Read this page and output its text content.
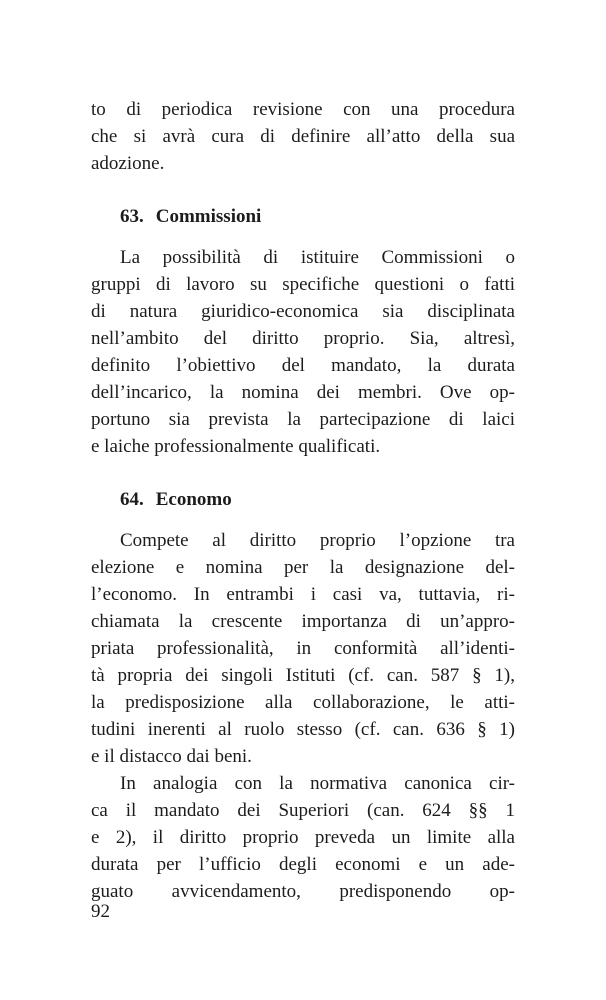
to di periodica revisione con una procedura
che si avrà cura di definire all’atto della sua
adozione.
63. Commissioni
La possibilità di istituire Commissioni o
gruppi di lavoro su specifiche questioni o fatti
di natura giuridico-economica sia disciplinata
nell’ambito del diritto proprio. Sia, altresì,
definito l’obiettivo del mandato, la durata
dell’incarico, la nomina dei membri. Ove op-
portuno sia prevista la partecipazione di laici
e laiche professionalmente qualificati.
64. Economo
Compete al diritto proprio l’opzione tra
elezione e nomina per la designazione del-
l’economo. In entrambi i casi va, tuttavia, ri-
chiamata la crescente importanza di un’appro-
priata professionalità, in conformità all’identi-
tà propria dei singoli Istituti (cf. can. 587 § 1),
la predisposizione alla collaborazione, le atti-
tudini inerenti al ruolo stesso (cf. can. 636 § 1)
e il distacco dai beni.
In analogia con la normativa canonica cir-
ca il mandato dei Superiori (can. 624 §§ 1
e 2), il diritto proprio preveda un limite alla
durata per l’ufficio degli economi e un ade-
guato avvicendamento, predisponendo op-
92
